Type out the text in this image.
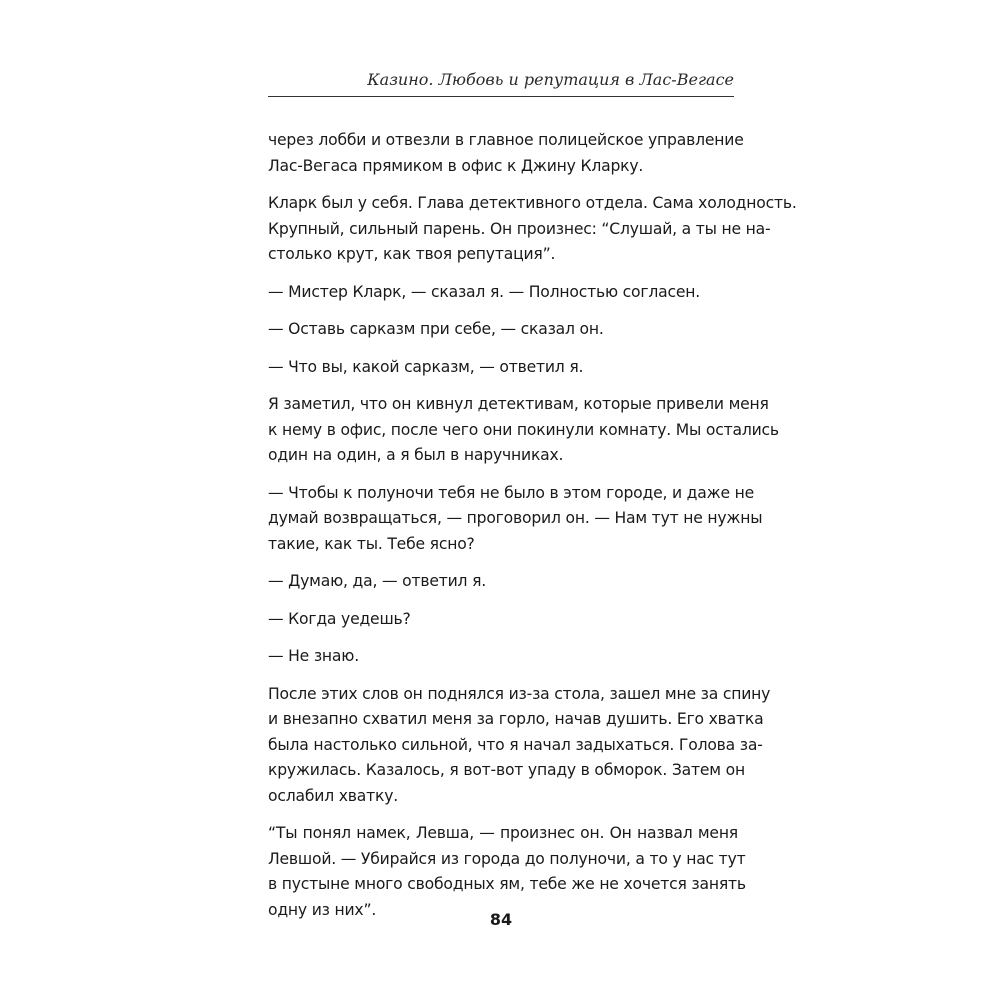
Казино. Любовь и репутация в Лас-Вегасе

через лобби и отвезли в главное полицейское управление
Лас-Вегаса прямиком в офис к Джину Кларку.

Кларк был у себя. Глава детективного отдела. Сама холодность.
Крупный, сильный парень. Он произнес: “Слушай, а ты не на-
столько крут, как твоя репутация”.

— Мистер Кларк, — сказал я. — Полностью согласен.

— Оставь сарказм при себе, — сказал он.

— Что вы, какой сарказм, — ответил я.

Я заметил, что он кивнул детективам, которые привели меня
к нему в офис, после чего они покинули комнату. Мы остались
один на один, а я был в наручниках.

— Чтобы к полуночи тебя не было в этом городе, и даже не
думай возвращаться, — проговорил он. — Нам тут не нужны
такие, как ты. Тебе ясно?

— Думаю, да, — ответил я.

— Когда уедешь?

— Не знаю.

После этих слов он поднялся из-за стола, зашел мне за спину
и внезапно схватил меня за горло, начав душить. Его хватка
была настолько сильной, что я начал задыхаться. Голова за-
кружилась. Казалось, я вот-вот упаду в обморок. Затем он
ослабил хватку.

“Ты понял намек, Левша, — произнес он. Он назвал меня
Левшой. — Убирайся из города до полуночи, а то у нас тут
в пустыне много свободных ям, тебе же не хочется занять
одну из них”.

84
